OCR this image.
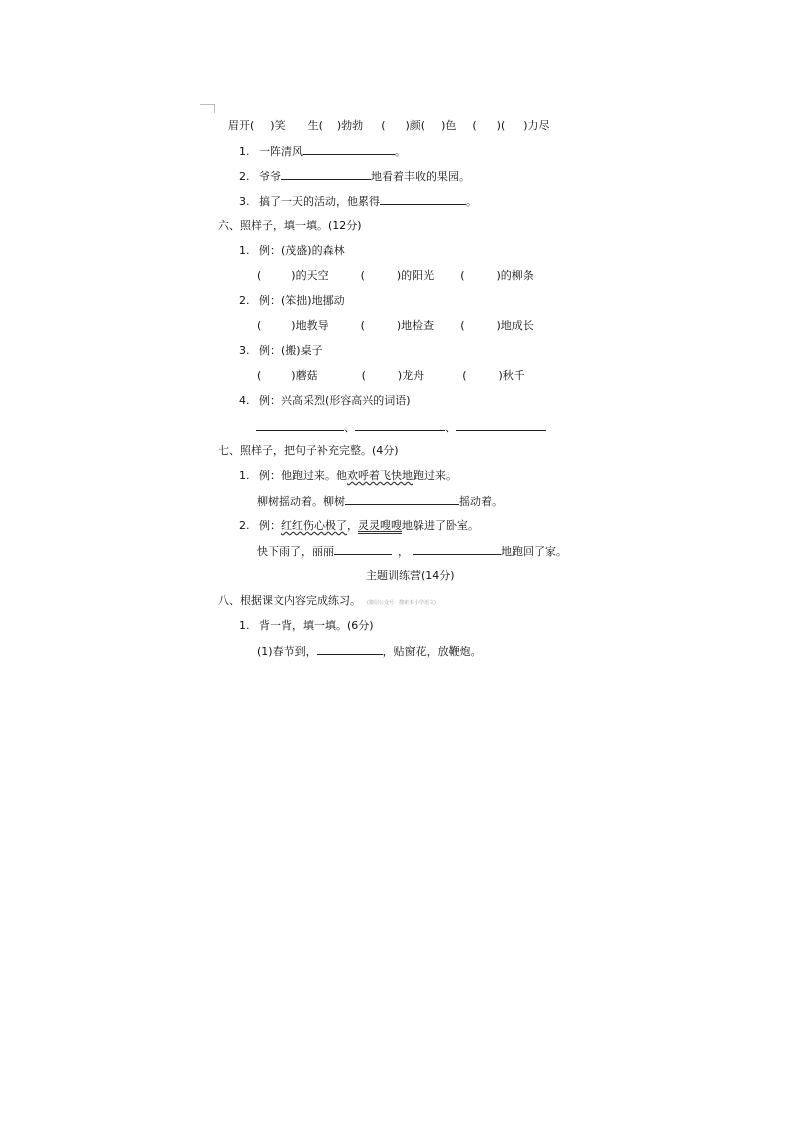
眉开( )笑 生( )勃勃 ( )颜( )色 ( )( )力尽
1. 一阵清风	。
2. 爷爷	地看着丰收的果园。
3. 搞了一天的活动，他累得	。
六、照样子，填一填。(12分)
1. 例：(茂盛)的森林
(	)的天空	(	)的阳光 (	)的柳条
2. 例：(笨拙)地挪动
(	)地教导	(	)地检查 (	)地成长
3. 例：(搬)桌子
(	)蘑菇	(	)龙舟	(	)秋千
4. 例：兴高采烈(形容高兴的词语)
、	、
七、照样子，把句子补充完整。(4分)
1. 例：他跑过来。他欢呼着飞快地跑过来。
柳树摇动着。柳树	摇动着。
2. 例：红红伤心极了，灵灵嗖嗖地躲进了卧室。
快下雨了，丽丽	，	地跑回了家。
主题训练营(14分)
八、根据课文内容完成练习。 (微信公众号：搜索本小学语文)
1. 背一背，填一填。(6分)
(1)春节到，	，贴窗花，放鞭炮。
